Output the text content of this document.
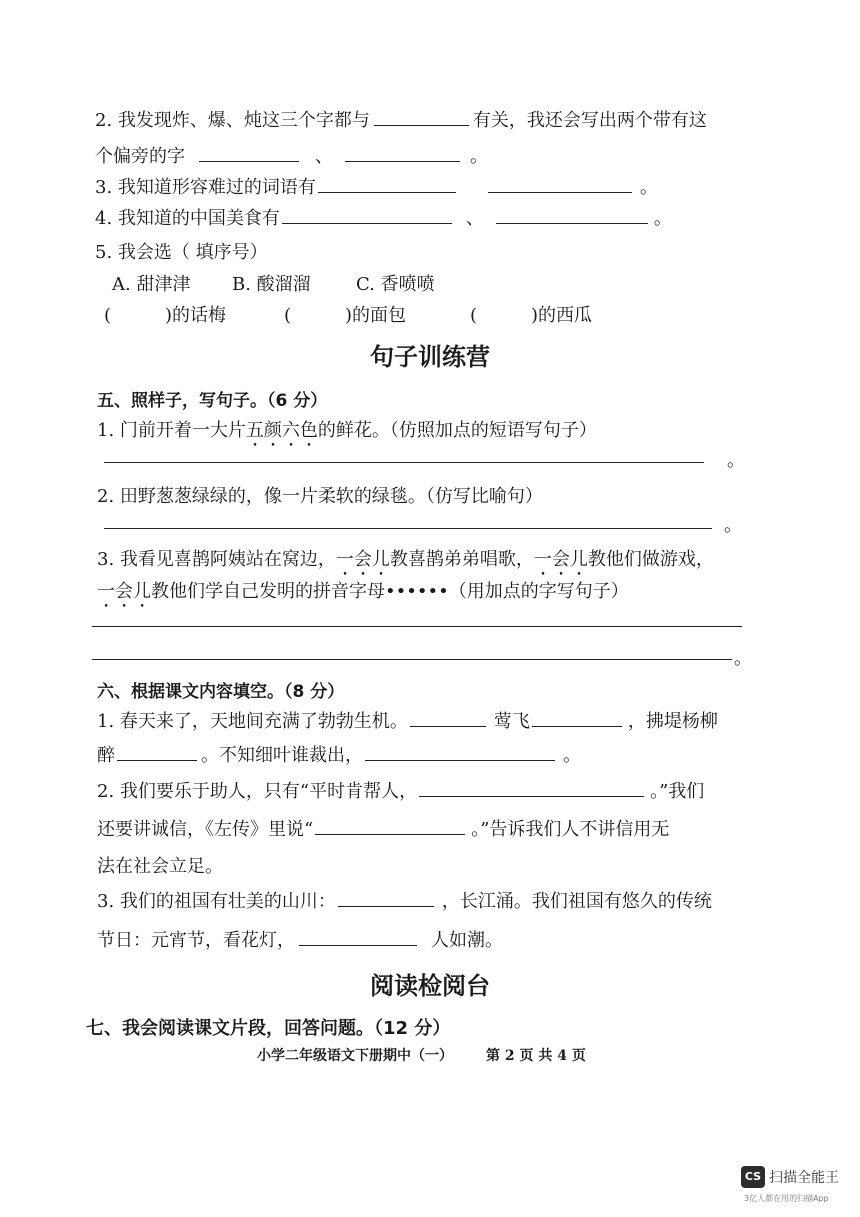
2. 我发现炸、爆、炖这三个字都与	有关，我还会写出两个带有这
个偏旁的字	、	。
3. 我知道形容难过的词语有	。
4. 我知道的中国美食有	、	。
5. 我会选（ 填序号）
A. 甜津津 B. 酸溜溜	C. 香喷喷
(　　　)的话梅	(　　　)的面包	(　　　)的西瓜
句子训练营
五、照样子，写句子。（6 分）
1. 门前开着一大片五颜六色的鲜花。（仿照加点的短语写句子）
。
2. 田野葱葱绿绿的，像一片柔软的绿毯。（仿写比喻句）
。
3. 我看见喜鹊阿姨站在窝边，一会儿教喜鹊弟弟唱歌，一会儿教他们做游戏，
一会儿教他们学自己发明的拼音字母••••••（用加点的字写句子）
。
六、根据课文内容填空。（8 分）
1. 春天来了，天地间充满了勃勃生机。	莺飞	，拂堤杨柳
醉	。不知细叶谁裁出，	。
2. 我们要乐于助人，只有“平时肯帮人，	。”我们
还要讲诚信，《左传》里说“	。”告诉我们人不讲信用无
法在社会立足。
3. 我们的祖国有壮美的山川：	，长江涌。我们祖国有悠久的传统
节日：元宵节，看花灯，	人如潮。
阅读检阅台
七、我会阅读课文片段，回答问题。（12 分）
小学二年级语文下册期中（一） 第 2 页 共 4 页
CS 扫描全能王
3亿人都在用的扫描App
